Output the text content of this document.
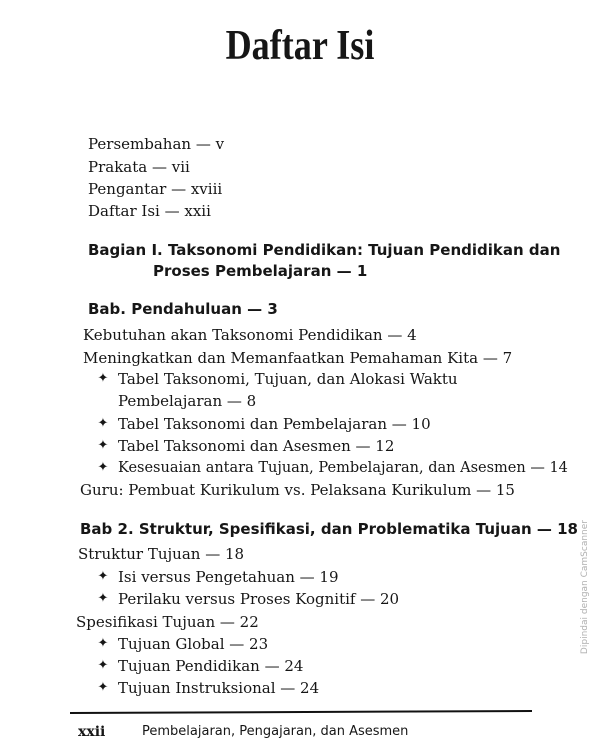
Daftar Isi
Persembahan — v
Prakata — vii
Pengantar — xviii
Daftar Isi — xxii
Bagian I. Taksonomi Pendidikan: Tujuan Pendidikan dan
Proses Pembelajaran — 1
Bab. Pendahuluan — 3
Kebutuhan akan Taksonomi Pendidikan — 4
Meningkatkan dan Memanfaatkan Pemahaman Kita — 7
✦ Tabel Taksonomi, Tujuan, dan Alokasi Waktu
Pembelajaran — 8
✦ Tabel Taksonomi dan Pembelajaran — 10
✦ Tabel Taksonomi dan Asesmen — 12
✦ Kesesuaian antara Tujuan, Pembelajaran, dan Asesmen — 14
Guru: Pembuat Kurikulum vs. Pelaksana Kurikulum — 15
Bab 2. Struktur, Spesifikasi, dan Problematika Tujuan — 18
Struktur Tujuan — 18
✦ Isi versus Pengetahuan — 19
✦ Perilaku versus Proses Kognitif — 20
Spesifikasi Tujuan — 22
✦ Tujuan Global — 23
✦ Tujuan Pendidikan — 24
✦ Tujuan Instruksional — 24
xxii	Pembelajaran, Pengajaran, dan Asesmen
Dipindai dengan CamScanner
